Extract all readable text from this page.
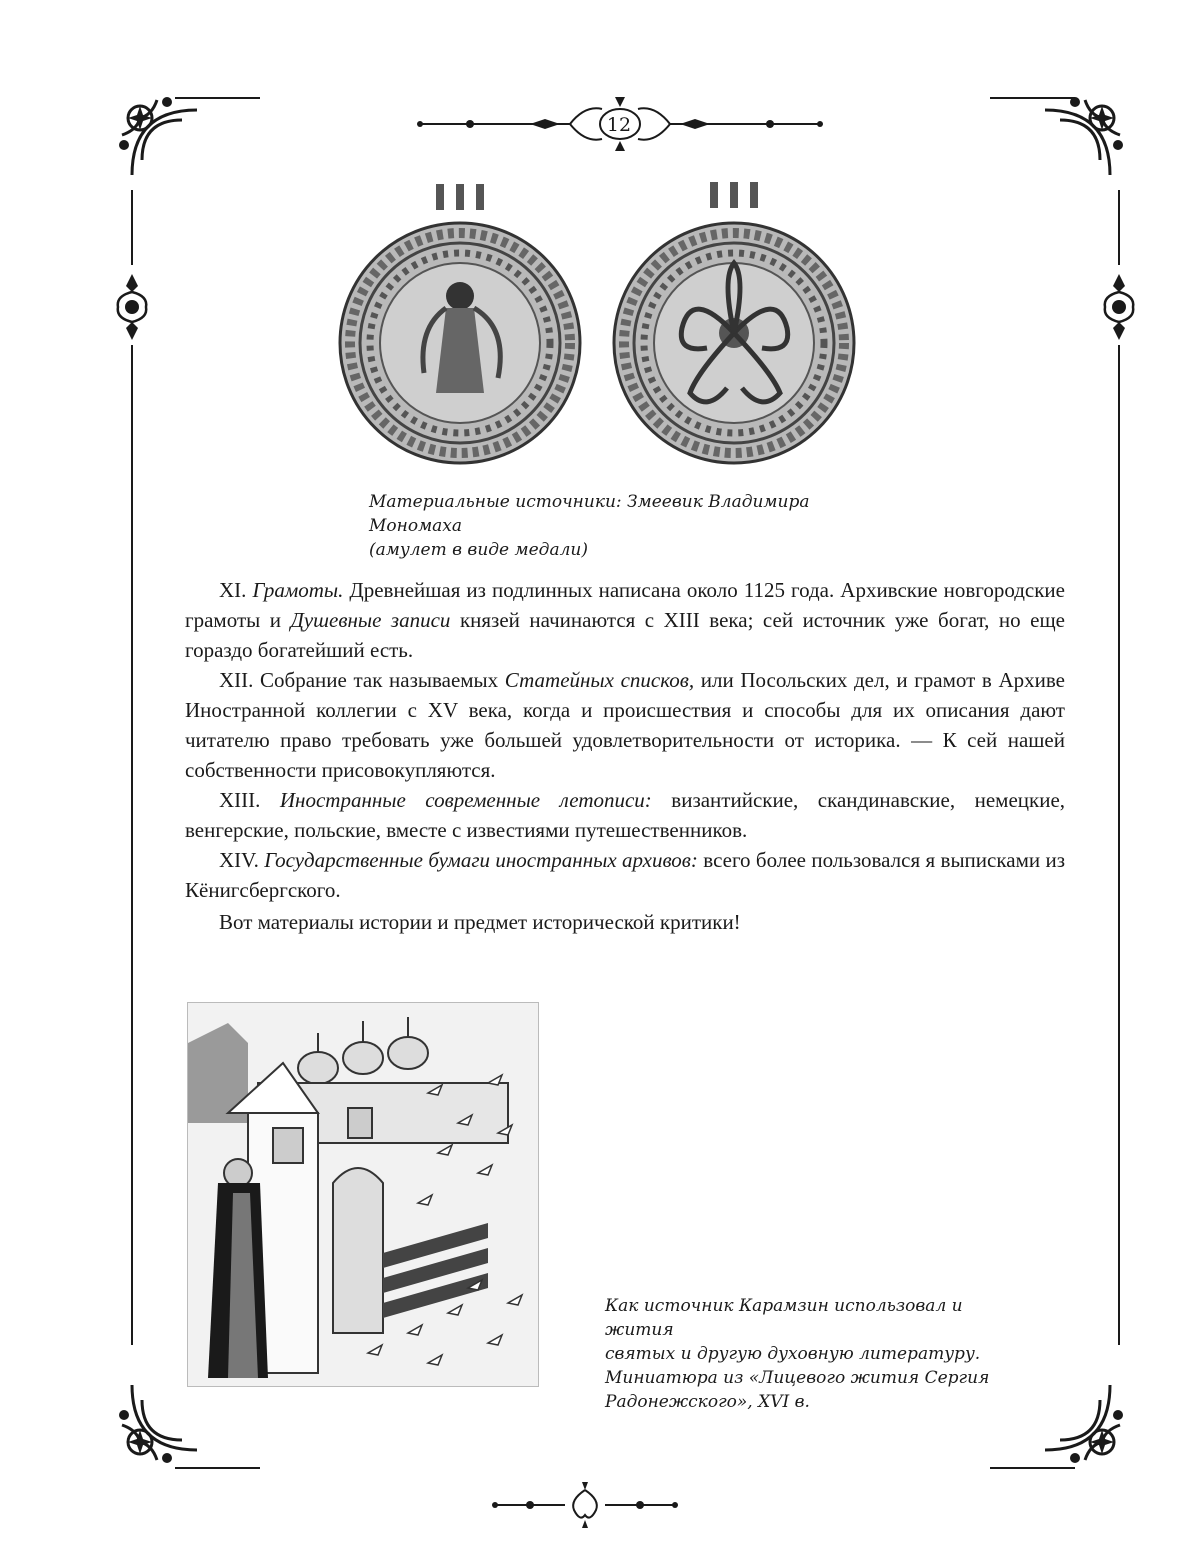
12
Материальные источники: Змеевик Владимира Мономаха
(амулет в виде медали)

XI. Грамоты. Древнейшая из подлинных написана около 1125 года. Архивские новгородские грамоты и Душевные записи князей начинаются с XIII века; сей источник уже богат, но еще гораздо богатейший есть.

XII. Собрание так называемых Статейных списков, или Посольских дел, и грамот в Архиве Иностранной коллегии с XV века, когда и происшествия и способы для их описания дают читателю право требовать уже большей удовлетворительности от историка. — К сей нашей собственности присовокупляются.

XIII. Иностранные современные летописи: византийские, скандинавские, немецкие, венгерские, польские, вместе с известиями путешественников.

XIV. Государственные бумаги иностранных архивов: всего более пользовался я выписками из Кёнигсбергского.

Вот материалы истории и предмет исторической критики!

Как источник Карамзин использовал и жития
святых и другую духовную литературу.
Миниатюра из «Лицевого жития Сергия
Радонежского», XVI в.
